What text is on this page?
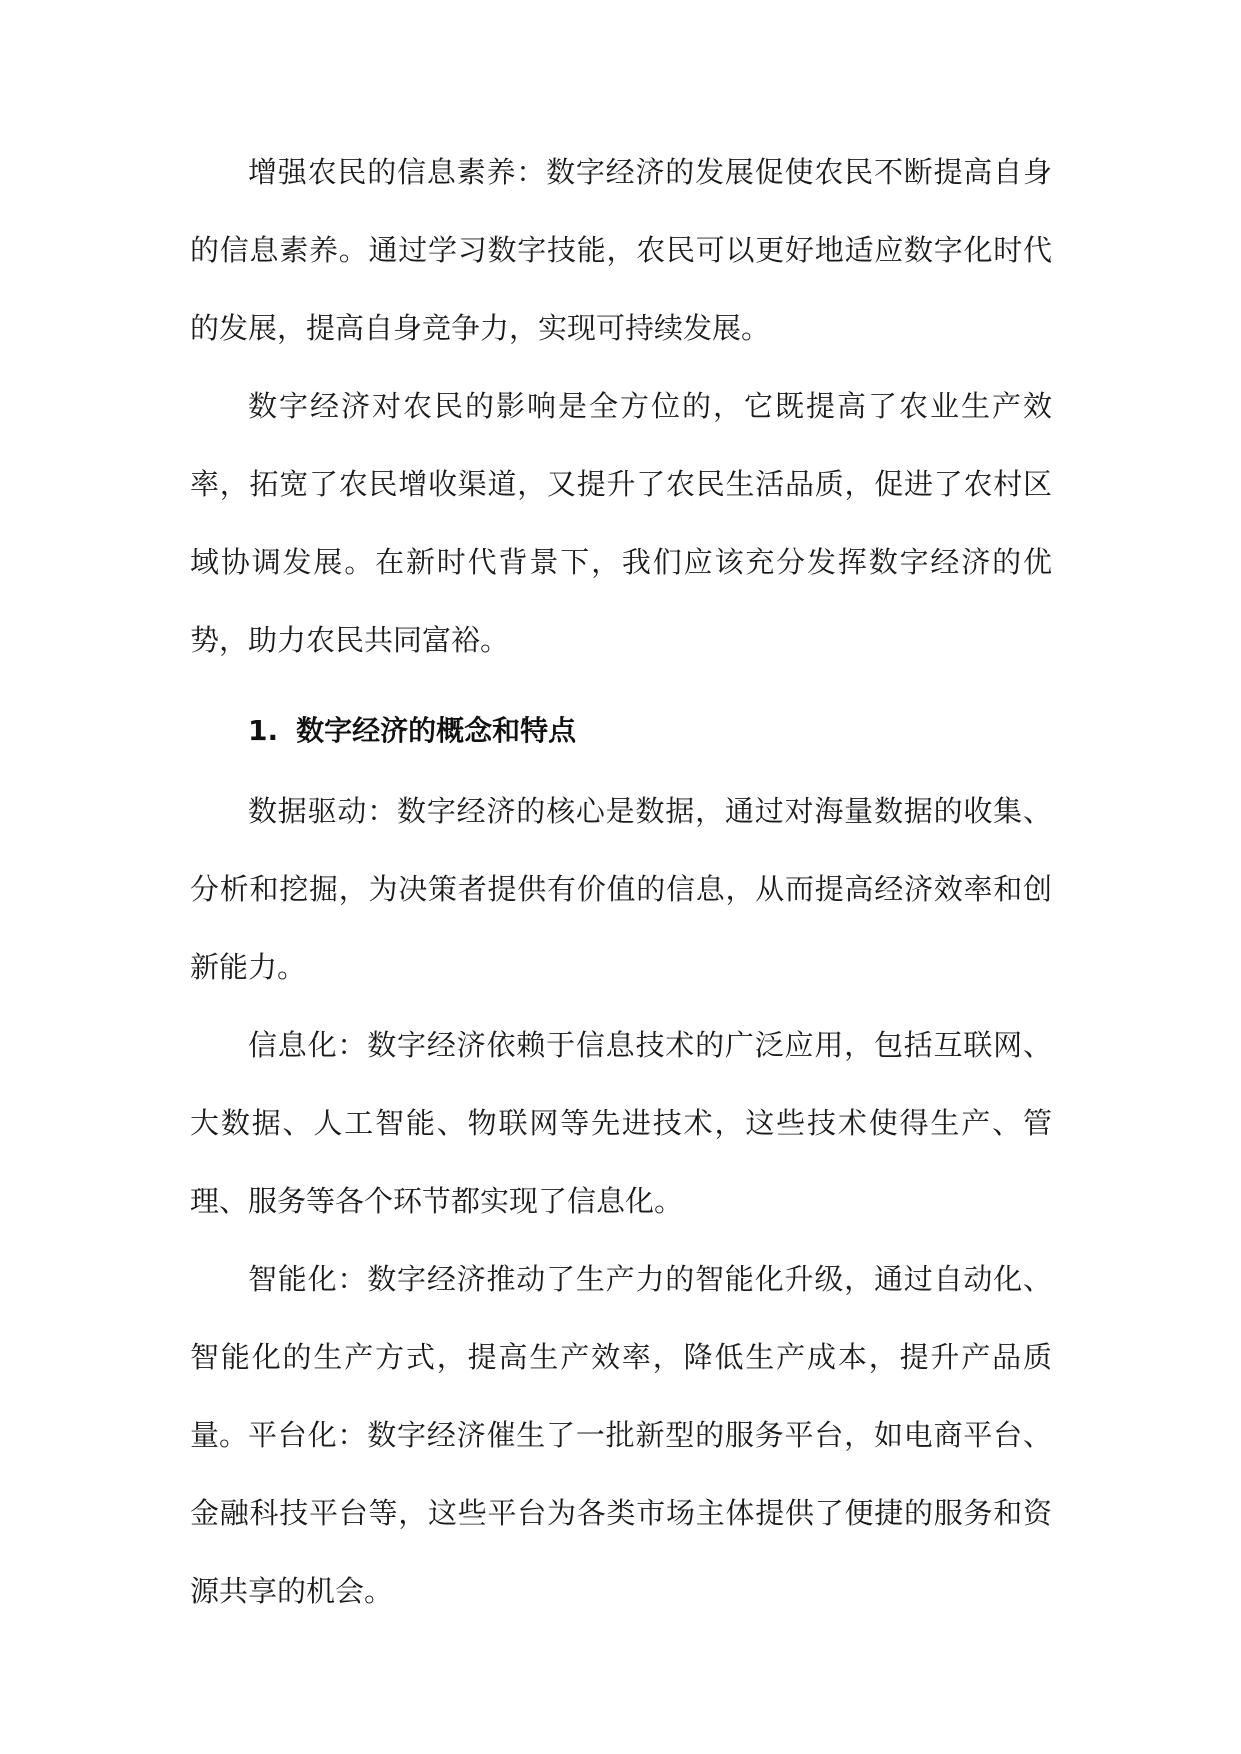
增强农民的信息素养：数字经济的发展促使农民不断提高自身的信息素养。通过学习数字技能，农民可以更好地适应数字化时代的发展，提高自身竞争力，实现可持续发展。

数字经济对农民的影响是全方位的，它既提高了农业生产效率，拓宽了农民增收渠道，又提升了农民生活品质，促进了农村区域协调发展。在新时代背景下，我们应该充分发挥数字经济的优势，助力农民共同富裕。

1. 数字经济的概念和特点

数据驱动：数字经济的核心是数据，通过对海量数据的收集、分析和挖掘，为决策者提供有价值的信息，从而提高经济效率和创新能力。

信息化：数字经济依赖于信息技术的广泛应用，包括互联网、大数据、人工智能、物联网等先进技术，这些技术使得生产、管理、服务等各个环节都实现了信息化。

智能化：数字经济推动了生产力的智能化升级，通过自动化、智能化的生产方式，提高生产效率，降低生产成本，提升产品质量。 平台化：数字经济催生了一批新型的服务平台，如电商平台、金融科技平台等，这些平台为各类市场主体提供了便捷的服务和资源共享的机会。
